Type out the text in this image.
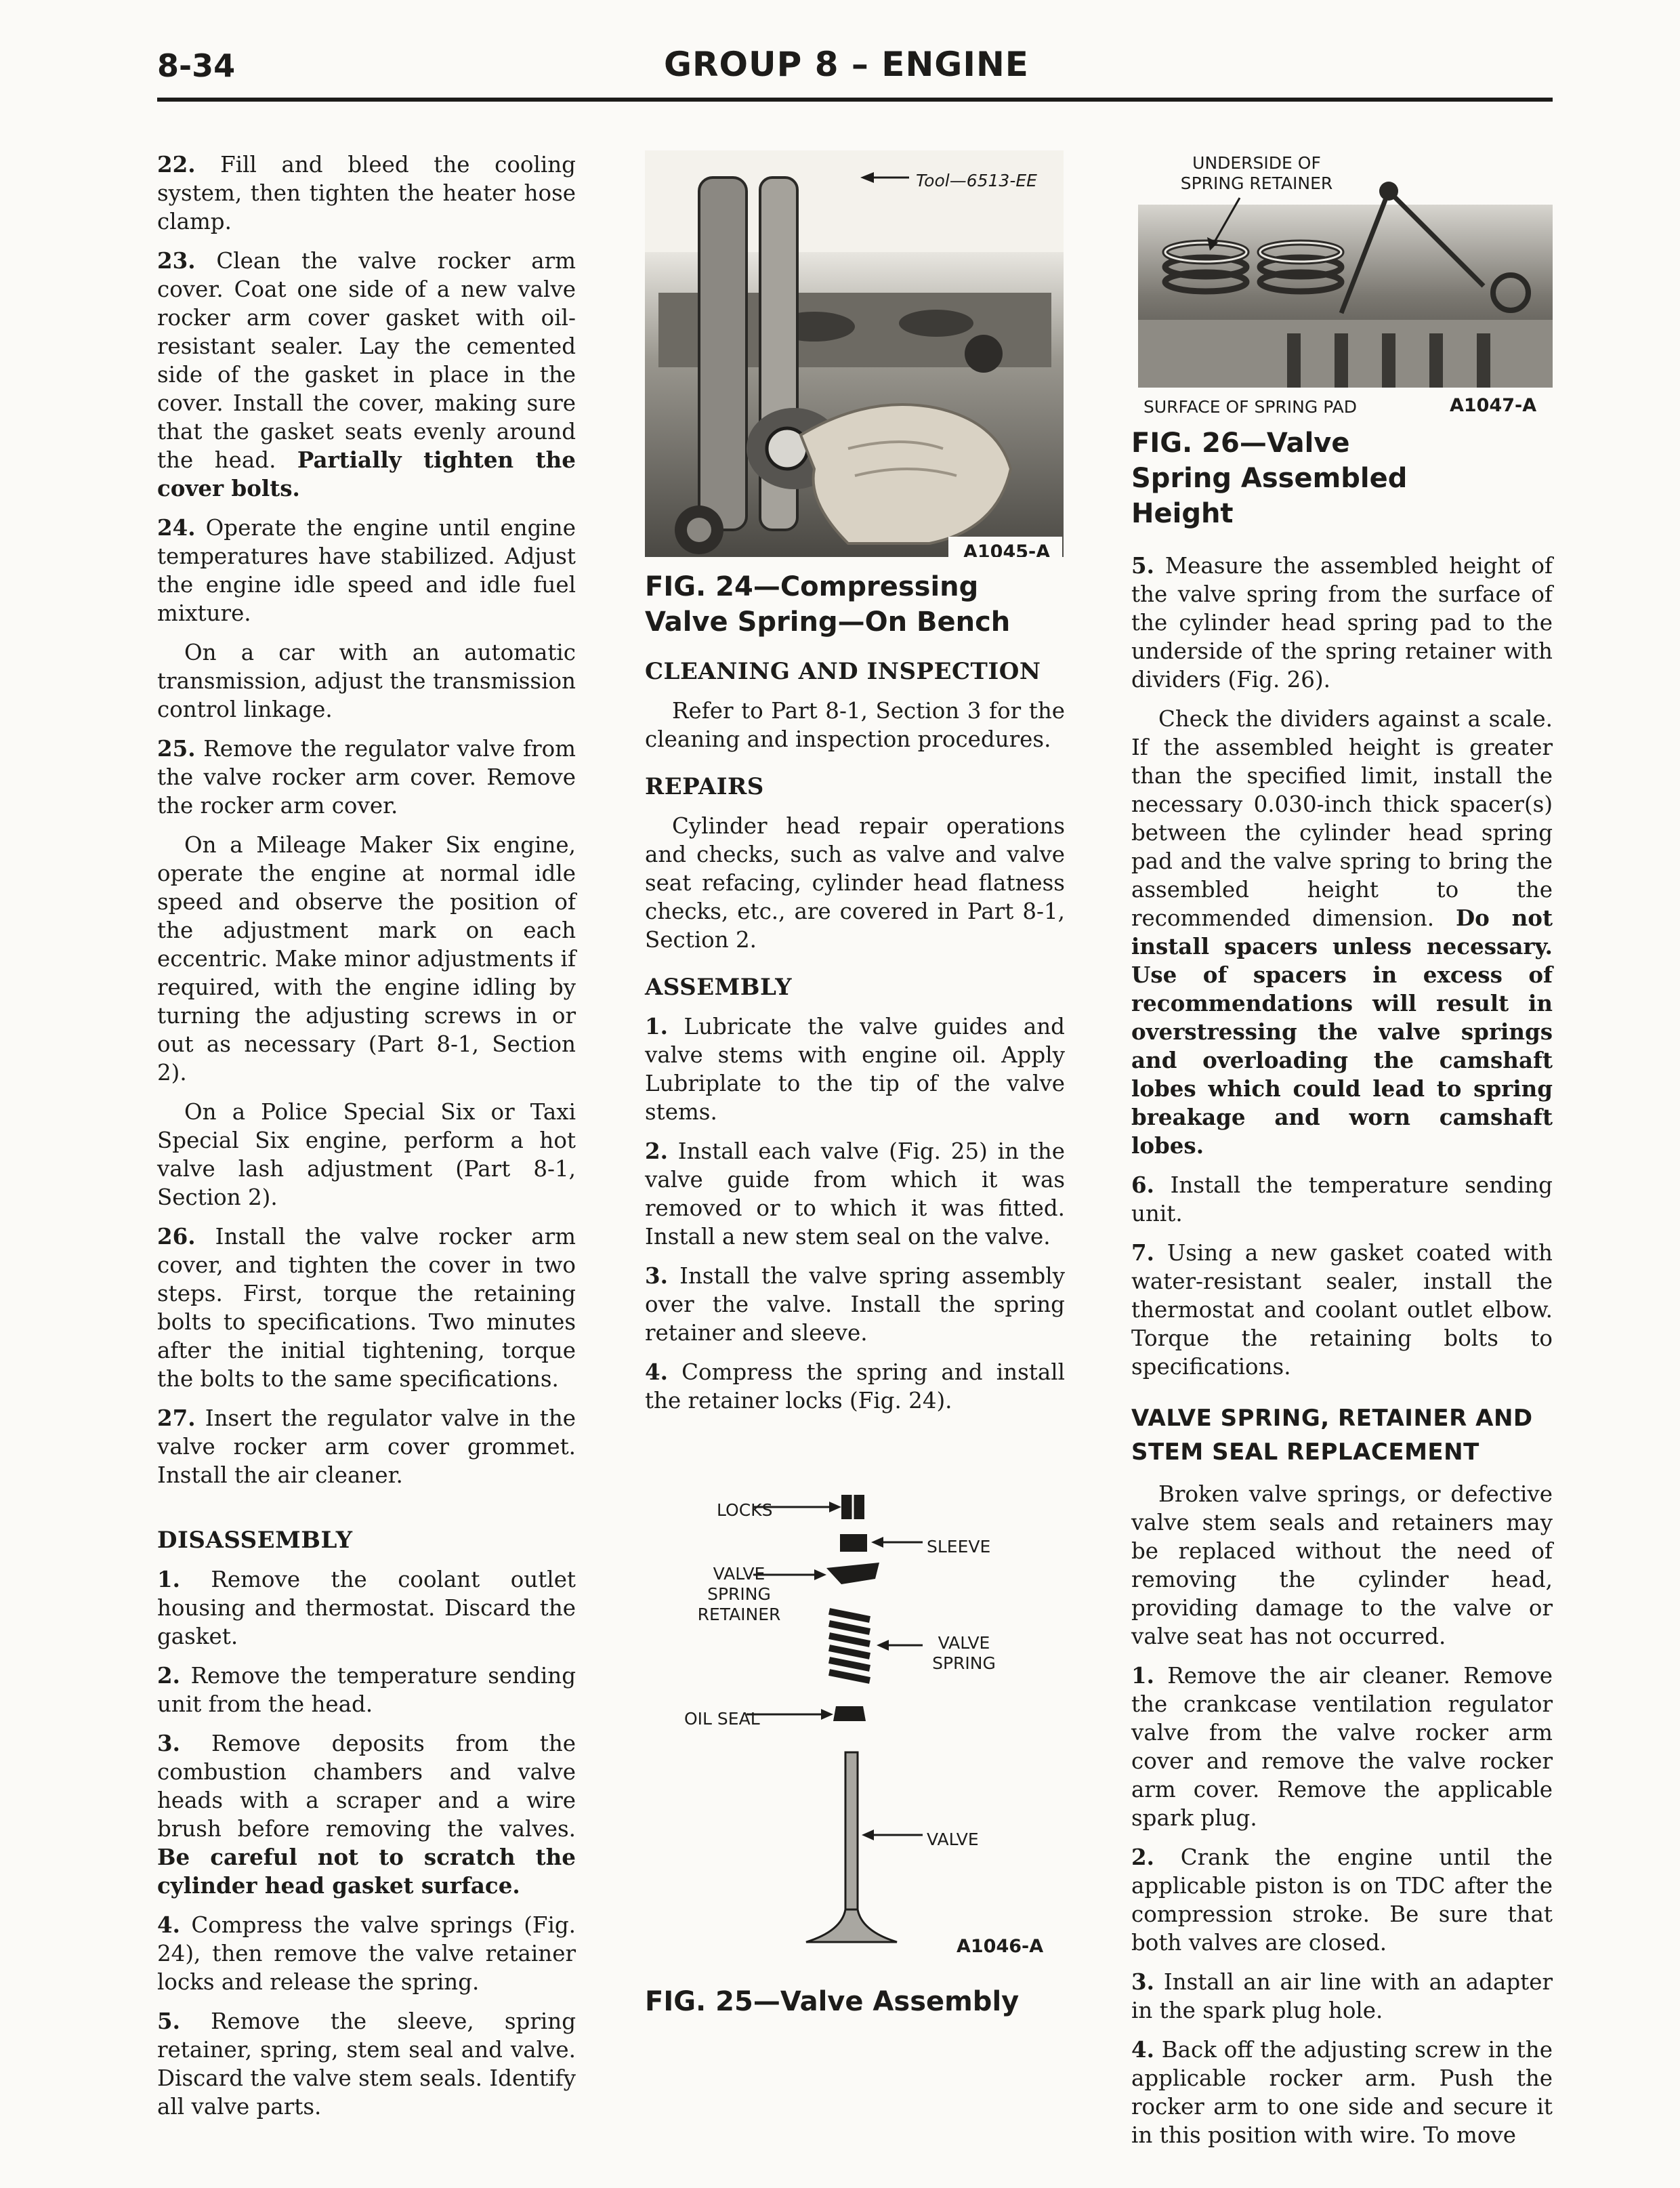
8-34	GROUP 8 – ENGINE

22. Fill and bleed the cooling system, then tighten the heater hose clamp.

23. Clean the valve rocker arm cover. Coat one side of a new valve rocker arm cover gasket with oil-resistant sealer. Lay the cemented side of the gasket in place in the cover. Install the cover, making sure that the gasket seats evenly around the head. Partially tighten the cover bolts.

24. Operate the engine until engine temperatures have stabilized. Adjust the engine idle speed and idle fuel mixture.

On a car with an automatic transmission, adjust the transmission control linkage.

25. Remove the regulator valve from the valve rocker arm cover. Remove the rocker arm cover.

On a Mileage Maker Six engine, operate the engine at normal idle speed and observe the position of the adjustment mark on each eccentric. Make minor adjustments if required, with the engine idling by turning the adjusting screws in or out as necessary (Part 8-1, Section 2).

On a Police Special Six or Taxi Special Six engine, perform a hot valve lash adjustment (Part 8-1, Section 2).

26. Install the valve rocker arm cover, and tighten the cover in two steps. First, torque the retaining bolts to specifications. Two minutes after the initial tightening, torque the bolts to the same specifications.

27. Insert the regulator valve in the valve rocker arm cover grommet. Install the air cleaner.

DISASSEMBLY

1. Remove the coolant outlet housing and thermostat. Discard the gasket.

2. Remove the temperature sending unit from the head.

3. Remove deposits from the combustion chambers and valve heads with a scraper and a wire brush before removing the valves. Be careful not to scratch the cylinder head gasket surface.

4. Compress the valve springs (Fig. 24), then remove the valve retainer locks and release the spring.

5. Remove the sleeve, spring retainer, spring, stem seal and valve. Discard the valve stem seals. Identify all valve parts.

Tool—6513-EE
A1045-A
FIG. 24—Compressing Valve Spring—On Bench
CLEANING AND INSPECTION

Refer to Part 8-1, Section 3 for the cleaning and inspection procedures.

REPAIRS

Cylinder head repair operations and checks, such as valve and valve seat refacing, cylinder head flatness checks, etc., are covered in Part 8-1, Section 2.

ASSEMBLY

1. Lubricate the valve guides and valve stems with engine oil. Apply Lubriplate to the tip of the valve stems.

2. Install each valve (Fig. 25) in the valve guide from which it was removed or to which it was fitted. Install a new stem seal on the valve.

3. Install the valve spring assembly over the valve. Install the spring retainer and sleeve.

4. Compress the spring and install the retainer locks (Fig. 24).

LOCKS
SLEEVE
VALVE SPRING RETAINER
VALVE SPRING
OIL SEAL
VALVE
A1046-A
FIG. 25—Valve Assembly
UNDERSIDE OF SPRING RETAINER
SURFACE OF SPRING PAD	A1047-A
FIG. 26—Valve Spring Assembled Height

5. Measure the assembled height of the valve spring from the surface of the cylinder head spring pad to the underside of the spring retainer with dividers (Fig. 26).

Check the dividers against a scale. If the assembled height is greater than the specified limit, install the necessary 0.030-inch thick spacer(s) between the cylinder head spring pad and the valve spring to bring the assembled height to the recommended dimension. Do not install spacers unless necessary. Use of spacers in excess of recommendations will result in overstressing the valve springs and overloading the camshaft lobes which could lead to spring breakage and worn camshaft lobes.

6. Install the temperature sending unit.

7. Using a new gasket coated with water-resistant sealer, install the thermostat and coolant outlet elbow. Torque the retaining bolts to specifications.

VALVE SPRING, RETAINER AND STEM SEAL REPLACEMENT

Broken valve springs, or defective valve stem seals and retainers may be replaced without the need of removing the cylinder head, providing damage to the valve or valve seat has not occurred.

1. Remove the air cleaner. Remove the crankcase ventilation regulator valve from the valve rocker arm cover and remove the valve rocker arm cover. Remove the applicable spark plug.

2. Crank the engine until the applicable piston is on TDC after the compression stroke. Be sure that both valves are closed.

3. Install an air line with an adapter in the spark plug hole.

4. Back off the adjusting screw in the applicable rocker arm. Push the rocker arm to one side and secure it in this position with wire. To move
